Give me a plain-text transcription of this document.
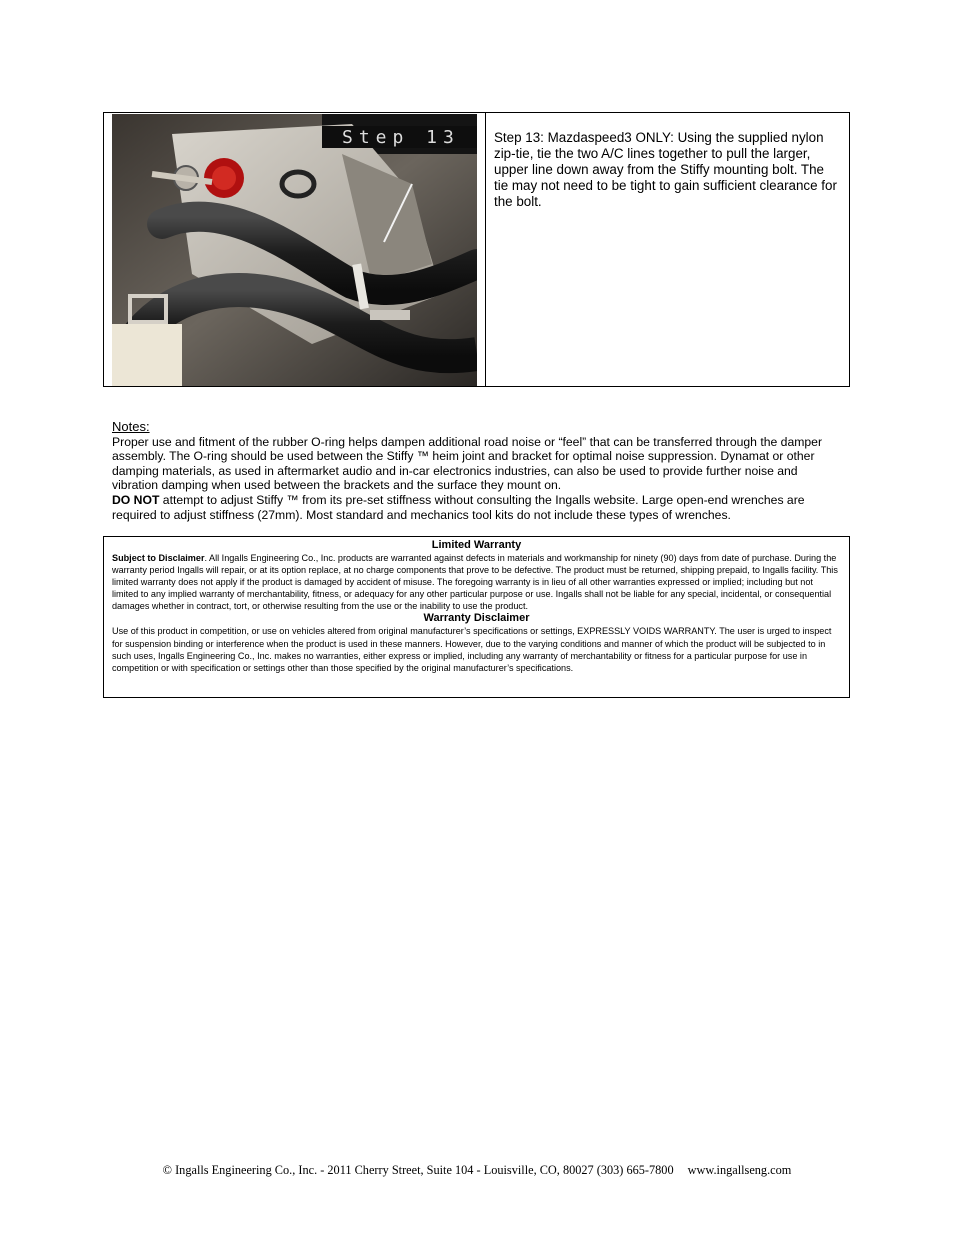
Step 13	Step 13: Mazdaspeed3 ONLY: Using the supplied nylon zip-tie, tie the two A/C lines together to pull the larger, upper line down away from the Stiffy mounting bolt. The tie may not need to be tight to gain sufficient clearance for the bolt.
Notes:

Proper use and fitment of the rubber O-ring helps dampen additional road noise or “feel” that can be transferred through the damper assembly. The O-ring should be used between the Stiffy ™ heim joint and bracket for optimal noise suppression. Dynamat or other damping materials, as used in aftermarket audio and in-car electronics industries, can also be used to provide further noise and vibration damping when used between the brackets and the surface they mount on.

DO NOT attempt to adjust Stiffy ™ from its pre-set stiffness without consulting the Ingalls website. Large open-end wrenches are required to adjust stiffness (27mm). Most standard and mechanics tool kits do not include these types of wrenches.

Limited Warranty

Subject to Disclaimer. All Ingalls Engineering Co., Inc. products are warranted against defects in materials and workmanship for ninety (90) days from date of purchase. During the warranty period Ingalls will repair, or at its option replace, at no charge components that prove to be defective. The product must be returned, shipping prepaid, to Ingalls facility. This limited warranty does not apply if the product is damaged by accident of misuse. The foregoing warranty is in lieu of all other warranties expressed or implied; including but not limited to any implied warranty of merchantability, fitness, or adequacy for any other particular purpose or use. Ingalls shall not be liable for any special, incidental, or consequential damages whether in contract, tort, or otherwise resulting from the use or the inability to use the product.

Warranty Disclaimer

Use of this product in competition, or use on vehicles altered from original manufacturer’s specifications or settings, EXPRESSLY VOIDS WARRANTY. The user is urged to inspect for suspension binding or interference when the product is used in these manners. However, due to the varying conditions and manner of which the product will be subjected to in such uses, Ingalls Engineering Co., Inc. makes no warranties, either express or implied, including any warranty of merchantability or fitness for a particular purpose for use in competition or with specification or settings other than those specified by the original manufacturer’s specifications.

© Ingalls Engineering Co., Inc. - 2011 Cherry Street, Suite 104 - Louisville, CO, 80027 (303) 665-7800 www.ingallseng.com
